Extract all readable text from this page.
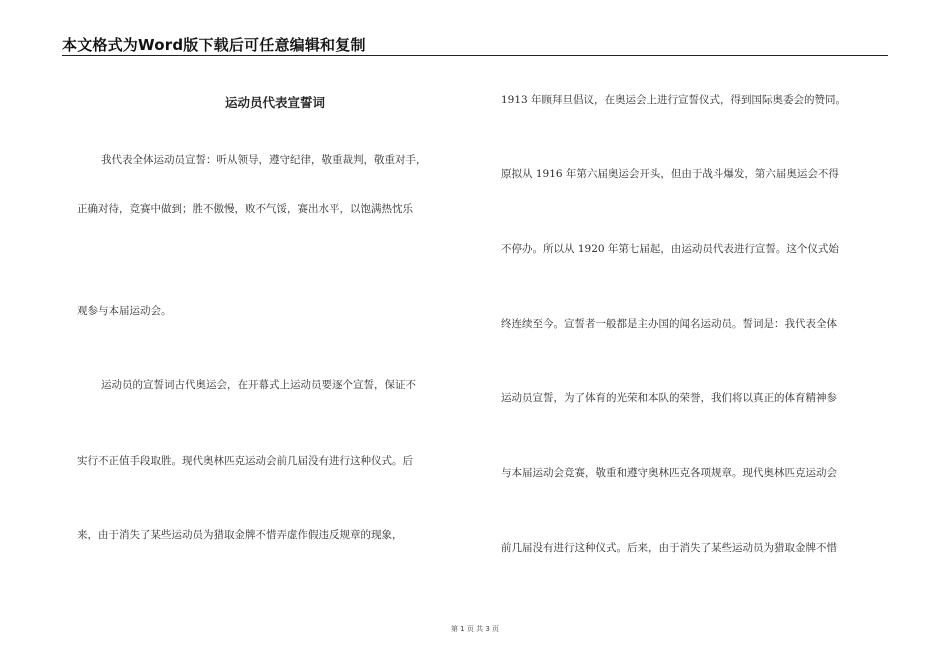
本文格式为Word版下载后可任意编辑和复制
运动员代表宣誓词
我代表全体运动员宣誓：听从领导，遵守纪律，敬重裁判，敬重对手，
正确对待，竞赛中做到；胜不傲慢，败不气馁，赛出水平，以饱满热忱乐
观参与本届运动会。
运动员的宣誓词古代奥运会，在开幕式上运动员要逐个宣誓，保证不
实行不正值手段取胜。现代奥林匹克运动会前几届没有进行这种仪式。后
来，由于消失了某些运动员为猎取金牌不惜弄虚作假违反规章的现象，
1913 年顾拜旦倡议，在奥运会上进行宣誓仪式，得到国际奥委会的赞同。
原拟从 1916 年第六届奥运会开头，但由于战斗爆发，第六届奥运会不得
不停办。所以从 1920 年第七届起，由运动员代表进行宣誓。这个仪式始
终连续至今。宣誓者一般都是主办国的闻名运动员。誓词是：我代表全体
运动员宣誓，为了体育的光荣和本队的荣誉，我们将以真正的体育精神参
与本届运动会竞赛，敬重和遵守奥林匹克各项规章。现代奥林匹克运动会
前几届没有进行这种仪式。后来，由于消失了某些运动员为猎取金牌不惜
第 1 页 共 3 页
